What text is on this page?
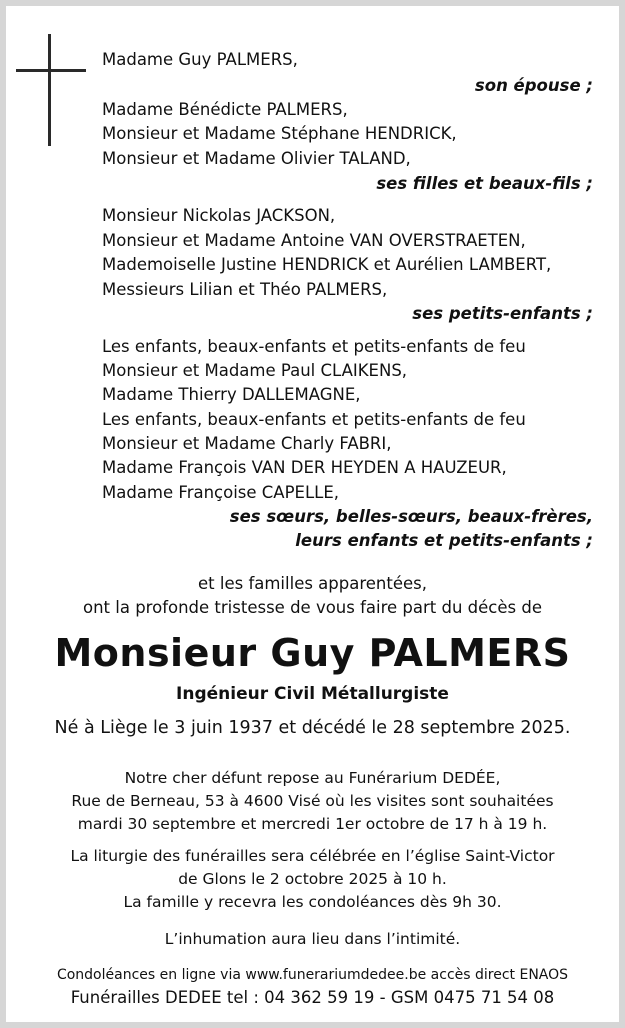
Madame Guy PALMERS,
son épouse ;
Madame Bénédicte PALMERS,
Monsieur et Madame Stéphane HENDRICK,
Monsieur et Madame Olivier TALAND,
ses filles et beaux-fils ;
Monsieur Nickolas JACKSON,
Monsieur et Madame Antoine VAN OVERSTRAETEN,
Mademoiselle Justine HENDRICK et Aurélien LAMBERT,
Messieurs Lilian et Théo PALMERS,
ses petits-enfants ;
Les enfants, beaux-enfants et petits-enfants de feu
Monsieur et Madame Paul CLAIKENS,
Madame Thierry DALLEMAGNE,
Les enfants, beaux-enfants et petits-enfants de feu
Monsieur et Madame Charly FABRI,
Madame François VAN DER HEYDEN A HAUZEUR,
Madame Françoise CAPELLE,
ses sœurs, belles-sœurs, beaux-frères,
leurs enfants et petits-enfants ;
et les familles apparentées,
ont la profonde tristesse de vous faire part du décès de
Monsieur Guy PALMERS
Ingénieur Civil Métallurgiste
Né à Liège le 3 juin 1937 et décédé le 28 septembre 2025.
Notre cher défunt repose au Funérarium DEDÉE,
Rue de Berneau, 53 à 4600 Visé où les visites sont souhaitées
mardi 30 septembre et mercredi 1er octobre de 17 h à 19 h.
La liturgie des funérailles sera célébrée en l’église Saint-Victor
de Glons le 2 octobre 2025 à 10 h.
La famille y recevra les condoléances dès 9h 30.
L’inhumation aura lieu dans l’intimité.
Condoléances en ligne via www.funerariumdedee.be accès direct ENAOS
Funérailles DEDEE tel : 04 362 59 19 - GSM 0475 71 54 08
